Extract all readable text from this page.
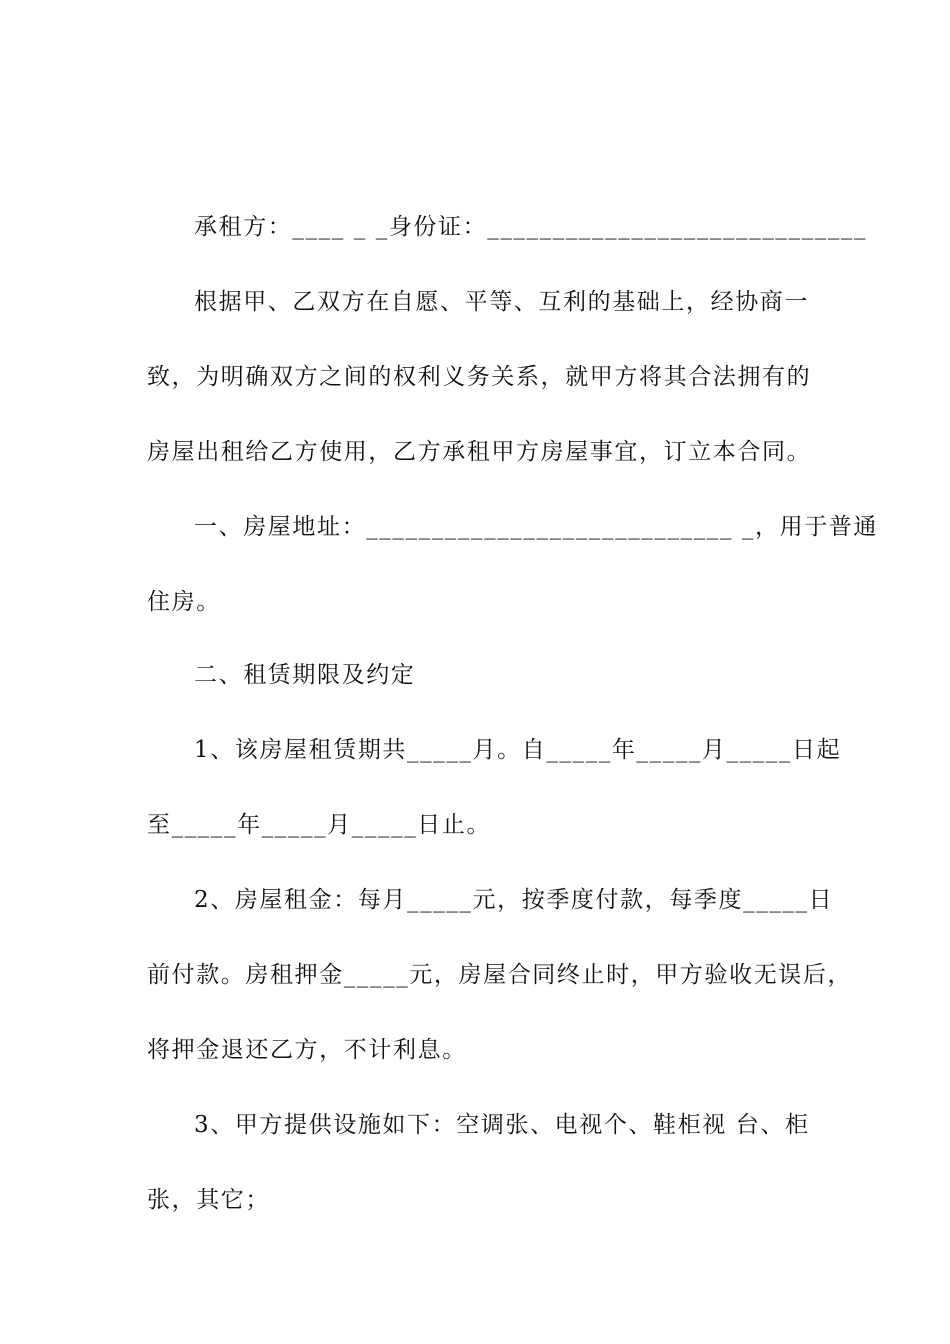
承租方：____ _ _身份证：_____________________________
根据甲、乙双方在自愿、平等、互利的基础上，经协商一
致，为明确双方之间的权利义务关系，就甲方将其合法拥有的
房屋出租给乙方使用，乙方承租甲方房屋事宜，订立本合同。
一、房屋地址：____________________________ _，用于普通
住房。
二、租赁期限及约定
1、该房屋租赁期共_____月。自_____年_____月_____日起
至_____年_____月_____日止。
2、房屋租金：每月_____元，按季度付款，每季度_____日
前付款。房租押金_____元，房屋合同终止时，甲方验收无误后，
将押金退还乙方，不计利息。
3、甲方提供设施如下：空调张、电视个、鞋柜视 台、柜
张，其它；
